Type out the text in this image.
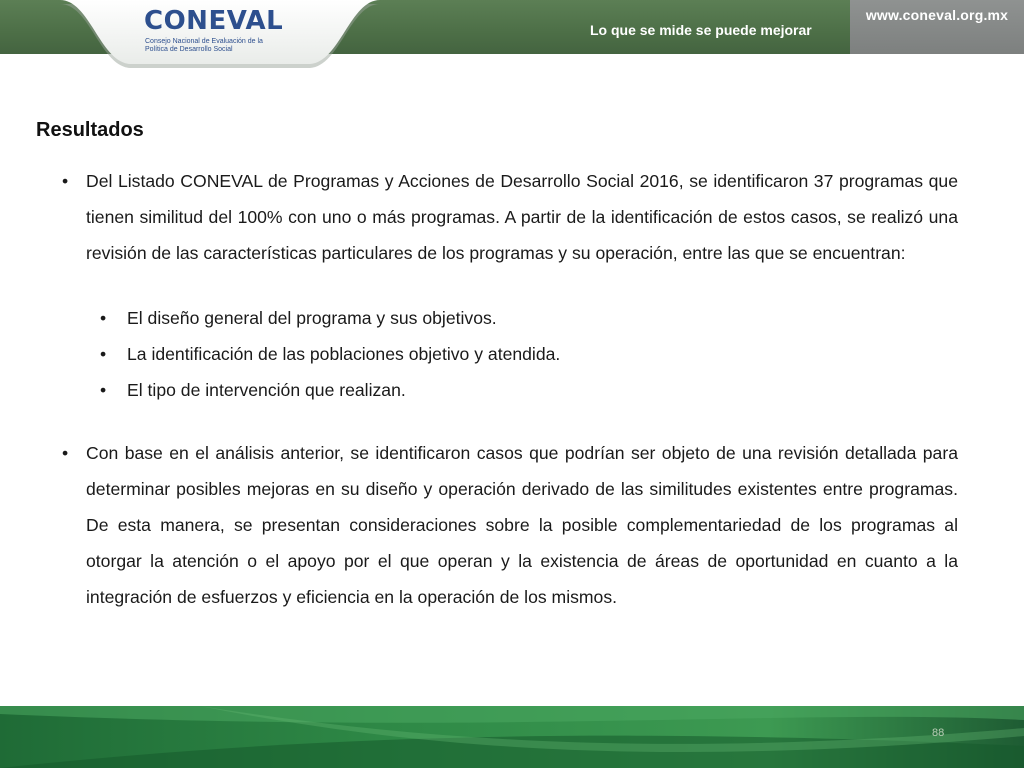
Lo que se mide se puede mejorar
www.coneval.org.mx
CONEVAL
Consejo Nacional de Evaluación de la Política de Desarrollo Social
Resultados

• Del Listado CONEVAL de Programas y Acciones de Desarrollo Social 2016, se identificaron 37 programas que tienen similitud del 100% con uno o más programas. A partir de la identificación de estos casos, se realizó una revisión de las características particulares de los programas y su operación, entre las que se encuentran:

• El diseño general del programa y sus objetivos.
• La identificación de las poblaciones objetivo y atendida.
• El tipo de intervención que realizan.

• Con base en el análisis anterior, se identificaron casos que podrían ser objeto de una revisión detallada para determinar posibles mejoras en su diseño y operación derivado de las similitudes existentes entre programas. De esta manera, se presentan consideraciones sobre la posible complementariedad de los programas al otorgar la atención o el apoyo por el que operan y la existencia de áreas de oportunidad en cuanto a la integración de esfuerzos y eficiencia en la operación de los mismos.

88
